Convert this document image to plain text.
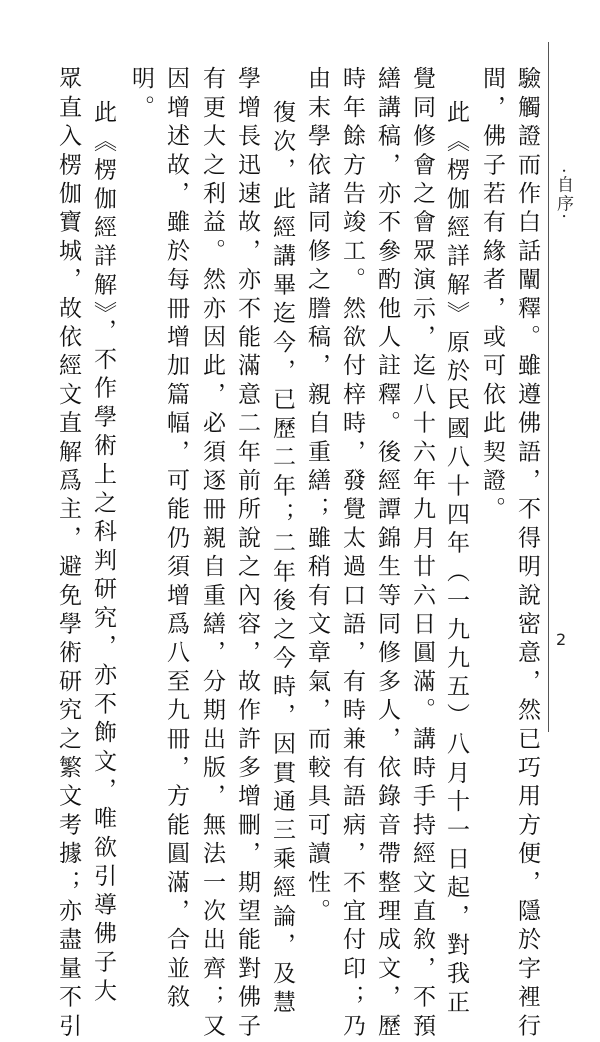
·自序·
2
驗觸證而作白話闡釋。雖遵佛語，不得明說密意，然已巧用方便，隱於字裡行
間，佛子若有緣者，或可依此契證。
此《楞伽經詳解》原於民國八十四年（一九九五）八月十一日起，對我正
覺同修會之會眾演示，迄八十六年九月廿六日圓滿。講時手持經文直敘，不預
繕講稿，亦不參酌他人註釋。後經譚錦生等同修多人，依錄音帶整理成文，歷
時年餘方告竣工。然欲付梓時，發覺太過口語，有時兼有語病，不宜付印；乃
由末學依諸同修之謄稿，親自重繕；雖稍有文章氣，而較具可讀性。
復次，此經講畢迄今，已歷二年；二年後之今時，因貫通三乘經論，及慧
學增長迅速故，亦不能滿意二年前所說之內容，故作許多增刪，期望能對佛子
有更大之利益。然亦因此，必須逐冊親自重繕，分期出版，無法一次出齊；又
因增述故，雖於每冊增加篇幅，可能仍須增爲八至九冊，方能圓滿，合並敘
明。
此《楞伽經詳解》，不作學術上之科判研究，亦不飾文，唯欲引導佛子大
眾直入楞伽寶城，故依經文直解爲主，避免學術研究之繁文考據；亦盡量不引
